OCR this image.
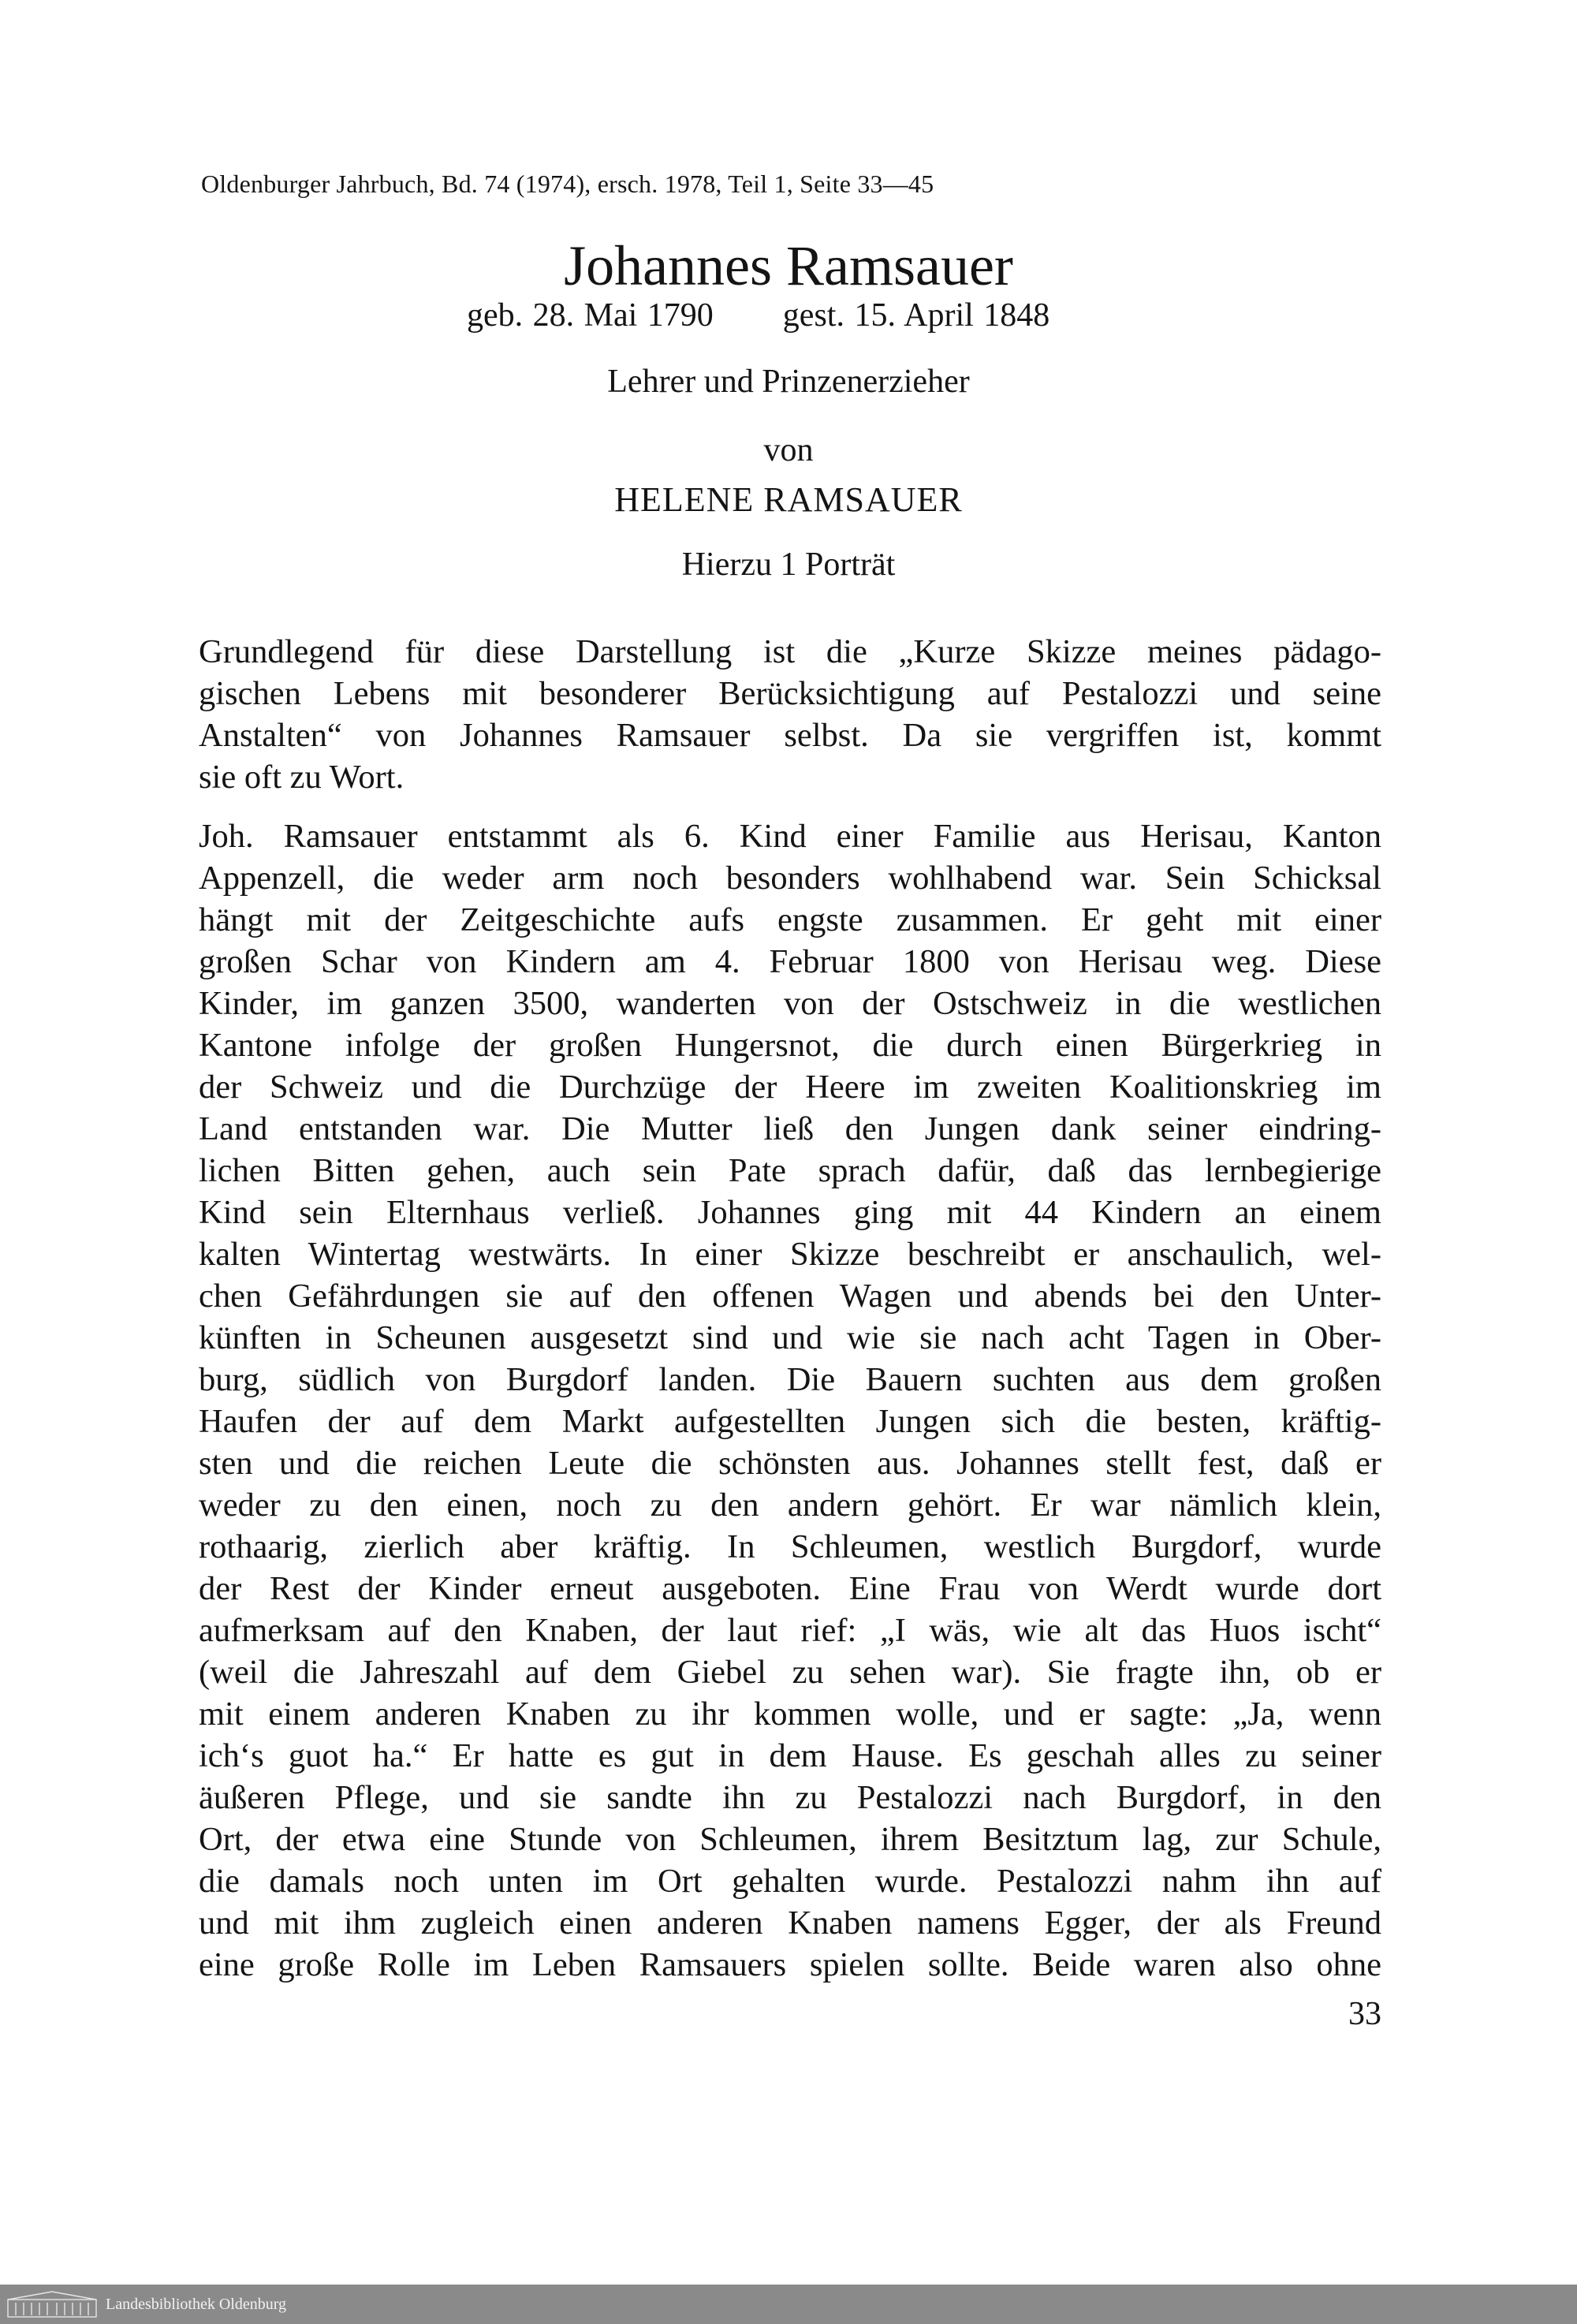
Oldenburger Jahrbuch, Bd. 74 (1974), ersch. 1978, Teil 1, Seite 33—45
Johannes Ramsauer
geb. 28. Mai 1790 gest. 15. April 1848
Lehrer und Prinzenerzieher
von
HELENE RAMSAUER
Hierzu 1 Porträt

Grundlegend für diese Darstellung ist die „Kurze Skizze meines pädago-
gischen Lebens mit besonderer Berücksichtigung auf Pestalozzi und seine
Anstalten“ von Johannes Ramsauer selbst. Da sie vergriffen ist, kommt
sie oft zu Wort.

Joh. Ramsauer entstammt als 6. Kind einer Familie aus Herisau, Kanton
Appenzell, die weder arm noch besonders wohlhabend war. Sein Schicksal
hängt mit der Zeitgeschichte aufs engste zusammen. Er geht mit einer
großen Schar von Kindern am 4. Februar 1800 von Herisau weg. Diese
Kinder, im ganzen 3500, wanderten von der Ostschweiz in die westlichen
Kantone infolge der großen Hungersnot, die durch einen Bürgerkrieg in
der Schweiz und die Durchzüge der Heere im zweiten Koalitionskrieg im
Land entstanden war. Die Mutter ließ den Jungen dank seiner eindring-
lichen Bitten gehen, auch sein Pate sprach dafür, daß das lernbegierige
Kind sein Elternhaus verließ. Johannes ging mit 44 Kindern an einem
kalten Wintertag westwärts. In einer Skizze beschreibt er anschaulich, wel-
chen Gefährdungen sie auf den offenen Wagen und abends bei den Unter-
künften in Scheunen ausgesetzt sind und wie sie nach acht Tagen in Ober-
burg, südlich von Burgdorf landen. Die Bauern suchten aus dem großen
Haufen der auf dem Markt aufgestellten Jungen sich die besten, kräftig-
sten und die reichen Leute die schönsten aus. Johannes stellt fest, daß er
weder zu den einen, noch zu den andern gehört. Er war nämlich klein,
rothaarig, zierlich aber kräftig. In Schleumen, westlich Burgdorf, wurde
der Rest der Kinder erneut ausgeboten. Eine Frau von Werdt wurde dort
aufmerksam auf den Knaben, der laut rief: „I wäs, wie alt das Huos ischt“
(weil die Jahreszahl auf dem Giebel zu sehen war). Sie fragte ihn, ob er
mit einem anderen Knaben zu ihr kommen wolle, und er sagte: „Ja, wenn
ich‘s guot ha.“ Er hatte es gut in dem Hause. Es geschah alles zu seiner
äußeren Pflege, und sie sandte ihn zu Pestalozzi nach Burgdorf, in den
Ort, der etwa eine Stunde von Schleumen, ihrem Besitztum lag, zur Schule,
die damals noch unten im Ort gehalten wurde. Pestalozzi nahm ihn auf
und mit ihm zugleich einen anderen Knaben namens Egger, der als Freund
eine große Rolle im Leben Ramsauers spielen sollte. Beide waren also ohne

33
Landesbibliothek Oldenburg
